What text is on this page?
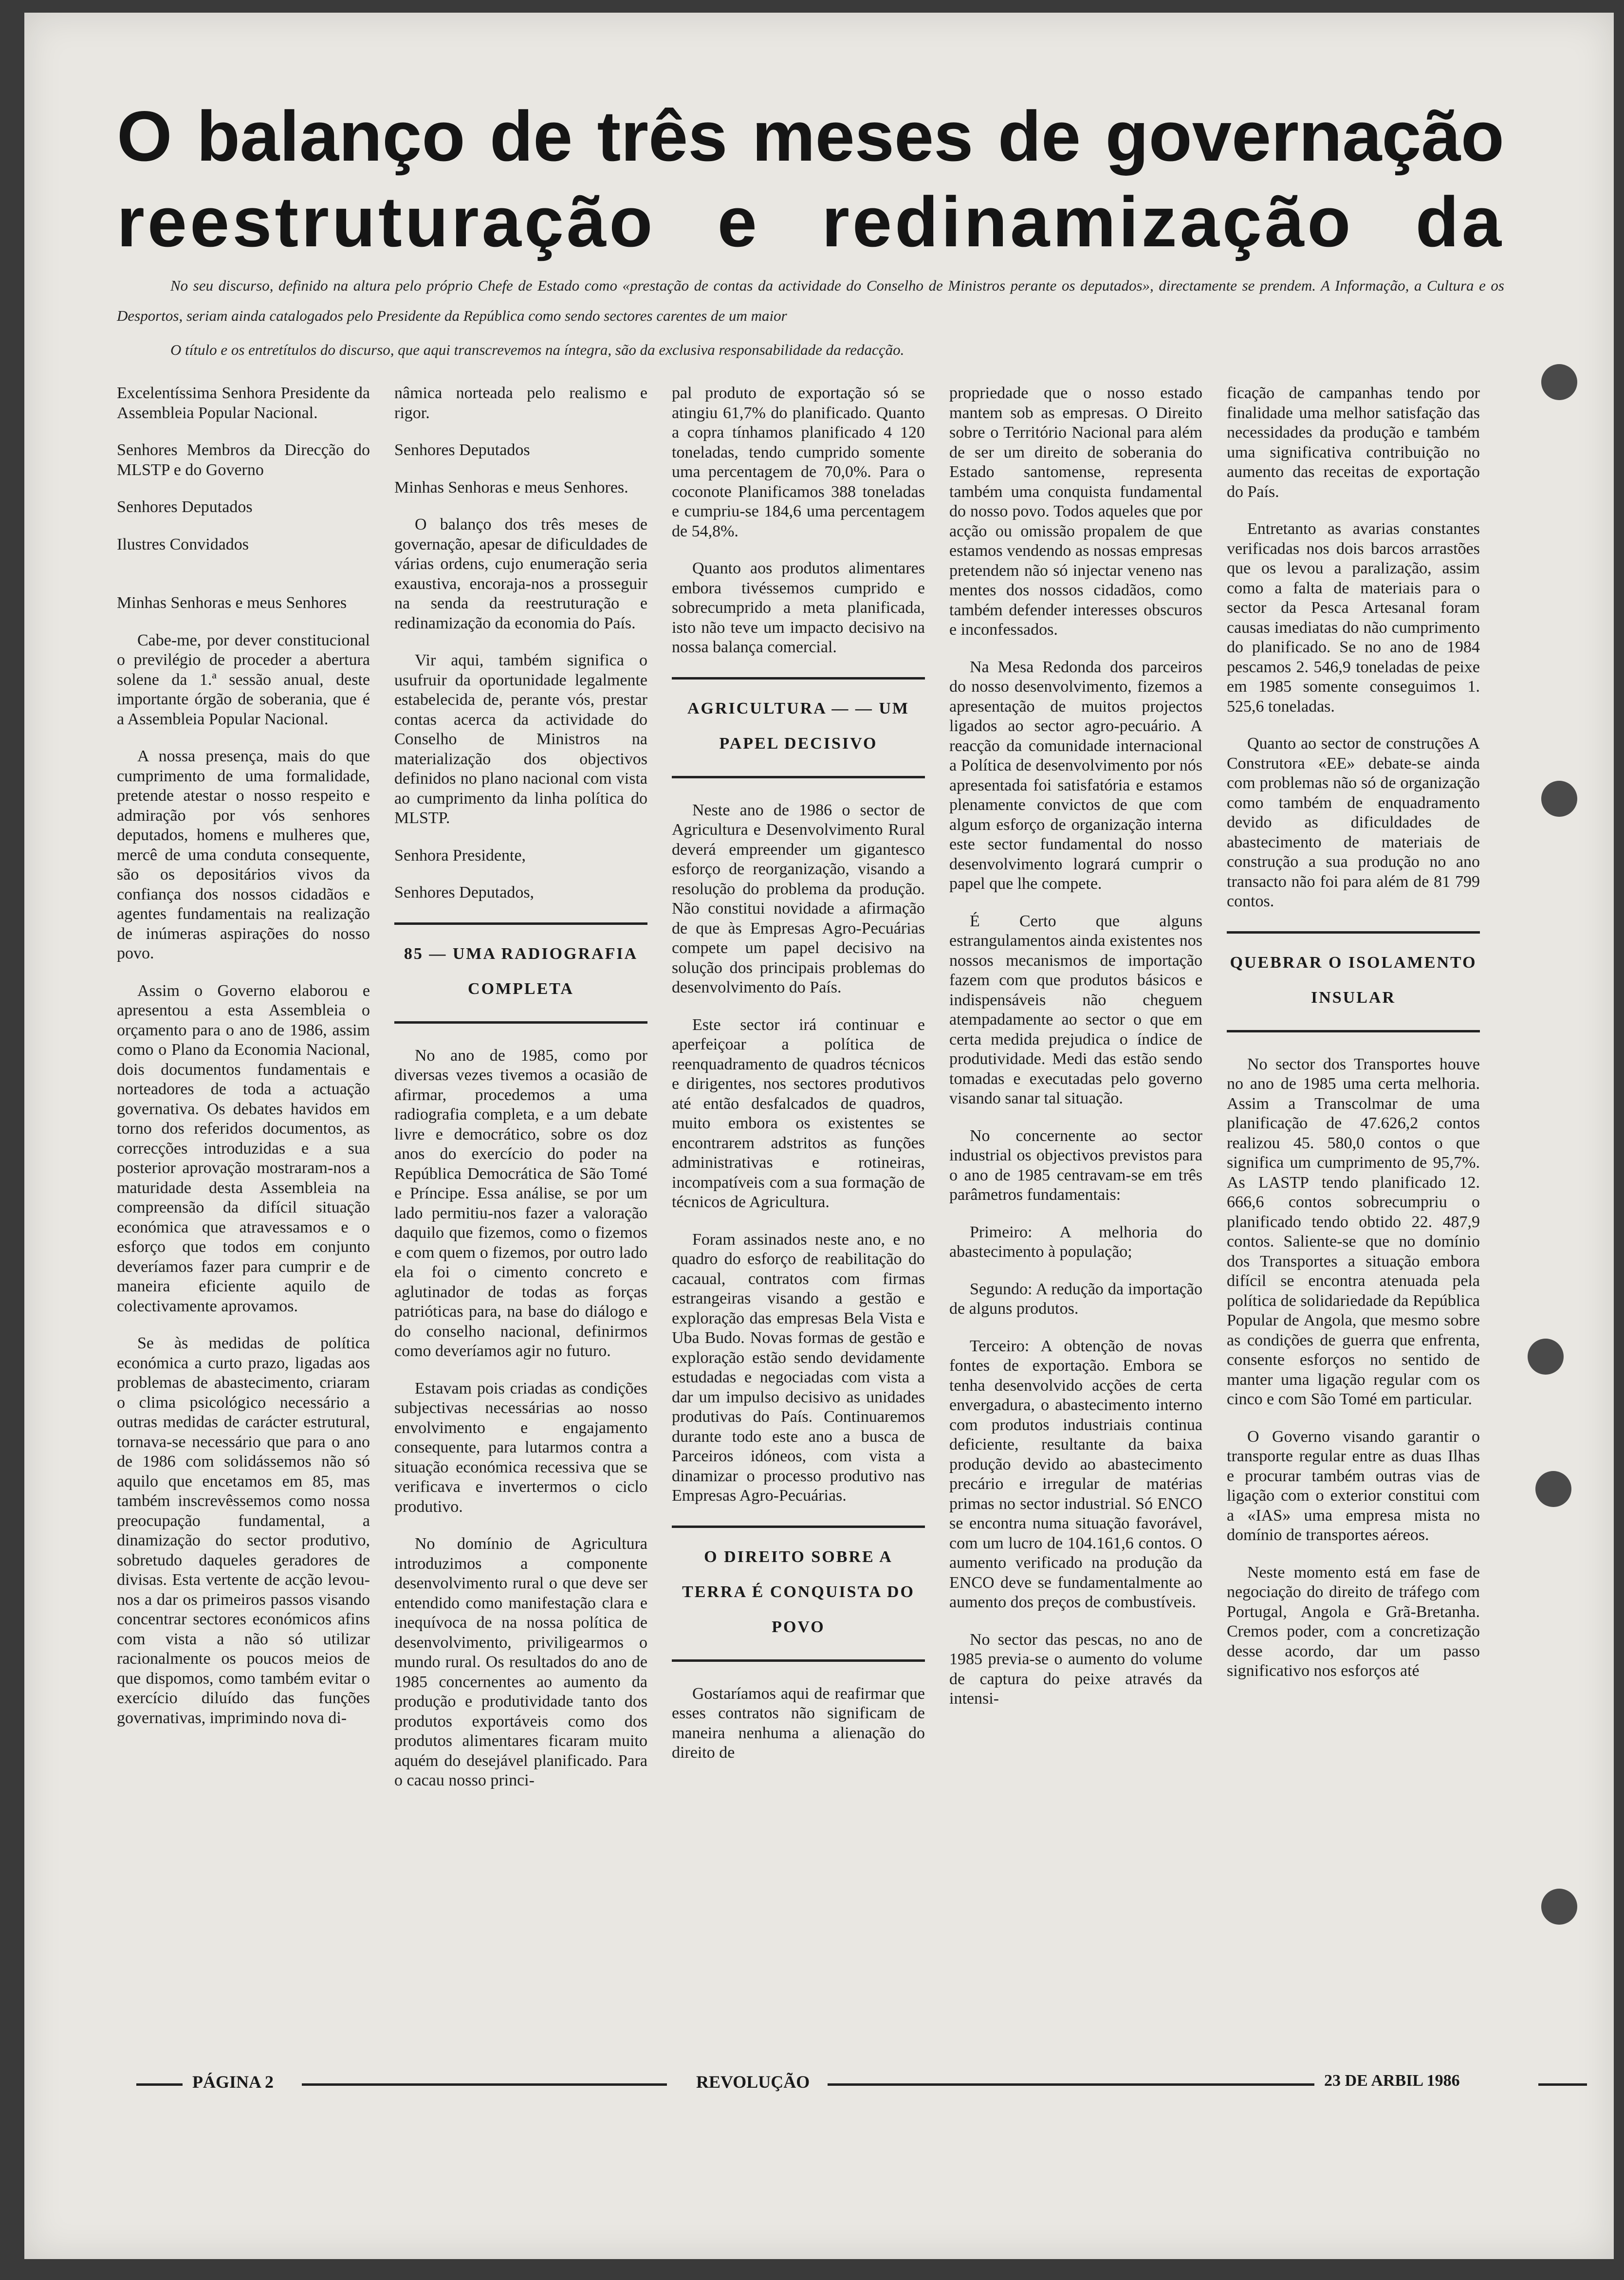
O balanço de três meses de governação
reestruturação e redinamização da

No seu discurso, definido na altura pelo próprio Chefe de Estado como «prestação de contas da actividade do Conselho de Ministros perante os deputados», directamente se prendem. A Informação, a Cultura e os Desportos, seriam ainda catalogados pelo Presidente da República como sendo sectores carentes de um maior

O título e os entretítulos do discurso, que aqui transcrevemos na íntegra, são da exclusiva responsabilidade da redacção.

Excelentíssima Senhora Presidente da Assembleia Popular Nacional.

Senhores Membros da Direcção do MLSTP e do Governo

Senhores Deputados

Ilustres Convidados

Minhas Senhoras e meus Senhores

Cabe-me, por dever constitucional o previlégio de proceder a abertura solene da 1.ª sessão anual, deste importante órgão de soberania, que é a Assembleia Popular Nacional.

A nossa presença, mais do que cumprimento de uma formalidade, pretende atestar o nosso respeito e admiração por vós senhores deputados, homens e mulheres que, mercê de uma conduta consequente, são os depositários vivos da confiança dos nossos cidadãos e agentes fundamentais na realização de inúmeras aspirações do nosso povo.

Assim o Governo elaborou e apresentou a esta Assembleia o orçamento para o ano de 1986, assim como o Plano da Economia Nacional, dois documentos fundamentais e norteadores de toda a actuação governativa. Os debates havidos em torno dos referidos documentos, as correcções introduzidas e a sua posterior aprovação mostraram-nos a maturidade desta Assembleia na compreensão da difícil situação económica que atravessamos e o esforço que todos em conjunto deveríamos fazer para cumprir e de maneira eficiente aquilo de colectivamente aprovamos.

Se às medidas de política económica a curto prazo, ligadas aos problemas de abastecimento, criaram o clima psicológico necessário a outras medidas de carácter estrutural, tornava-se necessário que para o ano de 1986 com solidássemos não só aquilo que encetamos em 85, mas também inscrevêssemos como nossa preocupação fundamental, a dinamização do sector produtivo, sobretudo daqueles geradores de divisas. Esta vertente de acção levou-nos a dar os primeiros passos visando concentrar sectores económicos afins com vista a não só utilizar racionalmente os poucos meios de que dispomos, como também evitar o exercício diluído das funções governativas, imprimindo nova di-

nâmica norteada pelo realismo e rigor.

Senhores Deputados

Minhas Senhoras e meus Senhores.

O balanço dos três meses de governação, apesar de dificuldades de várias ordens, cujo enumeração seria exaustiva, encoraja-nos a prosseguir na senda da reestruturação e redinamização da economia do País.

Vir aqui, também significa o usufruir da oportunidade legalmente estabelecida de, perante vós, prestar contas acerca da actividade do Conselho de Ministros na materialização dos objectivos definidos no plano nacional com vista ao cumprimento da linha política do MLSTP.

Senhora Presidente,

Senhores Deputados,

85 — UMA RADIOGRAFIA COMPLETA

No ano de 1985, como por diversas vezes tivemos a ocasião de afirmar, procedemos a uma radiografia completa, e a um debate livre e democrático, sobre os doz anos do exercício do poder na República Democrática de São Tomé e Príncipe. Essa análise, se por um lado permitiu-nos fazer a valoração daquilo que fizemos, como o fizemos e com quem o fizemos, por outro lado ela foi o cimento concreto e aglutinador de todas as forças patrióticas para, na base do diálogo e do conselho nacional, definirmos como deveríamos agir no futuro.

Estavam pois criadas as condições subjectivas necessárias ao nosso envolvimento e engajamento consequente, para lutarmos contra a situação económica recessiva que se verificava e invertermos o ciclo produtivo.

No domínio de Agricultura introduzimos a componente desenvolvimento rural o que deve ser entendido como manifestação clara e inequívoca de na nossa política de desenvolvimento, priviligearmos o mundo rural. Os resultados do ano de 1985 concernentes ao aumento da produção e produtividade tanto dos produtos exportáveis como dos produtos alimentares ficaram muito aquém do desejável planificado. Para o cacau nosso princi-

pal produto de exportação só se atingiu 61,7% do planificado. Quanto a copra tínhamos planificado 4 120 toneladas, tendo cumprido somente uma percentagem de 70,0%. Para o coconote Planificamos 388 toneladas e cumpriu-se 184,6 uma percentagem de 54,8%.

Quanto aos produtos alimentares embora tivéssemos cumprido e sobrecumprido a meta planificada, isto não teve um impacto decisivo na nossa balança comercial.

AGRICULTURA — — UM PAPEL DECISIVO

Neste ano de 1986 o sector de Agricultura e Desenvolvimento Rural deverá empreender um gigantesco esforço de reorganização, visando a resolução do problema da produção. Não constitui novidade a afirmação de que às Empresas Agro-Pecuárias compete um papel decisivo na solução dos principais problemas do desenvolvimento do País.

Este sector irá continuar e aperfeiçoar a política de reenquadramento de quadros técnicos e dirigentes, nos sectores produtivos até então desfalcados de quadros, muito embora os existentes se encontrarem adstritos as funções administrativas e rotineiras, incompatíveis com a sua formação de técnicos de Agricultura.

Foram assinados neste ano, e no quadro do esforço de reabilitação do cacaual, contratos com firmas estrangeiras visando a gestão e exploração das empresas Bela Vista e Uba Budo. Novas formas de gestão e exploração estão sendo devidamente estudadas e negociadas com vista a dar um impulso decisivo as unidades produtivas do País. Continuaremos durante todo este ano a busca de Parceiros idóneos, com vista a dinamizar o processo produtivo nas Empresas Agro-Pecuárias.

O DIREITO SOBRE A TERRA É CONQUISTA DO POVO

Gostaríamos aqui de reafirmar que esses contratos não significam de maneira nenhuma a alienação do direito de

propriedade que o nosso estado mantem sob as empresas. O Direito sobre o Território Nacional para além de ser um direito de soberania do Estado santomense, representa também uma conquista fundamental do nosso povo. Todos aqueles que por acção ou omissão propalem de que estamos vendendo as nossas empresas pretendem não só injectar veneno nas mentes dos nossos cidadãos, como também defender interesses obscuros e inconfessados.

Na Mesa Redonda dos parceiros do nosso desenvolvimento, fizemos a apresentação de muitos projectos ligados ao sector agro-pecuário. A reacção da comunidade internacional a Política de desenvolvimento por nós apresentada foi satisfatória e estamos plenamente convictos de que com algum esforço de organização interna este sector fundamental do nosso desenvolvimento logrará cumprir o papel que lhe compete.

É Certo que alguns estrangulamentos ainda existentes nos nossos mecanismos de importação fazem com que produtos básicos e indispensáveis não cheguem atempadamente ao sector o que em certa medida prejudica o índice de produtividade. Medi das estão sendo tomadas e executadas pelo governo visando sanar tal situação.

No concernente ao sector industrial os objectivos previstos para o ano de 1985 centravam-se em três parâmetros fundamentais:

Primeiro: A melhoria do abastecimento à população;

Segundo: A redução da importação de alguns produtos.

Terceiro: A obtenção de novas fontes de exportação. Embora se tenha desenvolvido acções de certa envergadura, o abastecimento interno com produtos industriais continua deficiente, resultante da baixa produção devido ao abastecimento precário e irregular de matérias primas no sector industrial. Só ENCO se encontra numa situação favorável, com um lucro de 104.161,6 contos. O aumento verificado na produção da ENCO deve se fundamentalmente ao aumento dos preços de combustíveis.

No sector das pescas, no ano de 1985 previa-se o aumento do volume de captura do peixe através da intensi-

ficação de campanhas tendo por finalidade uma melhor satisfação das necessidades da produção e também uma significativa contribuição no aumento das receitas de exportação do País.

Entretanto as avarias constantes verificadas nos dois barcos arrastões que os levou a paralização, assim como a falta de materiais para o sector da Pesca Artesanal foram causas imediatas do não cumprimento do planificado. Se no ano de 1984 pescamos 2. 546,9 toneladas de peixe em 1985 somente conseguimos 1. 525,6 toneladas.

Quanto ao sector de construções A Construtora «EE» debate-se ainda com problemas não só de organização como também de enquadramento devido as dificuldades de abastecimento de materiais de construção a sua produção no ano transacto não foi para além de 81 799 contos.

QUEBRAR O ISOLAMENTO INSULAR

No sector dos Transportes houve no ano de 1985 uma certa melhoria. Assim a Transcolmar de uma planificação de 47.626,2 contos realizou 45. 580,0 contos o que significa um cumprimento de 95,7%. As LASTP tendo planificado 12. 666,6 contos sobrecumpriu o planificado tendo obtido 22. 487,9 contos. Saliente-se que no domínio dos Transportes a situação embora difícil se encontra atenuada pela política de solidariedade da República Popular de Angola, que mesmo sobre as condições de guerra que enfrenta, consente esforços no sentido de manter uma ligação regular com os cinco e com São Tomé em particular.

O Governo visando garantir o transporte regular entre as duas Ilhas e procurar também outras vias de ligação com o exterior constitui com a «IAS» uma empresa mista no domínio de transportes aéreos.

Neste momento está em fase de negociação do direito de tráfego com Portugal, Angola e Grã-Bretanha. Cremos poder, com a concretização desse acordo, dar um passo significativo nos esforços até

PÁGINA 2	REVOLUÇÃO	23 DE ARBIL 1986
